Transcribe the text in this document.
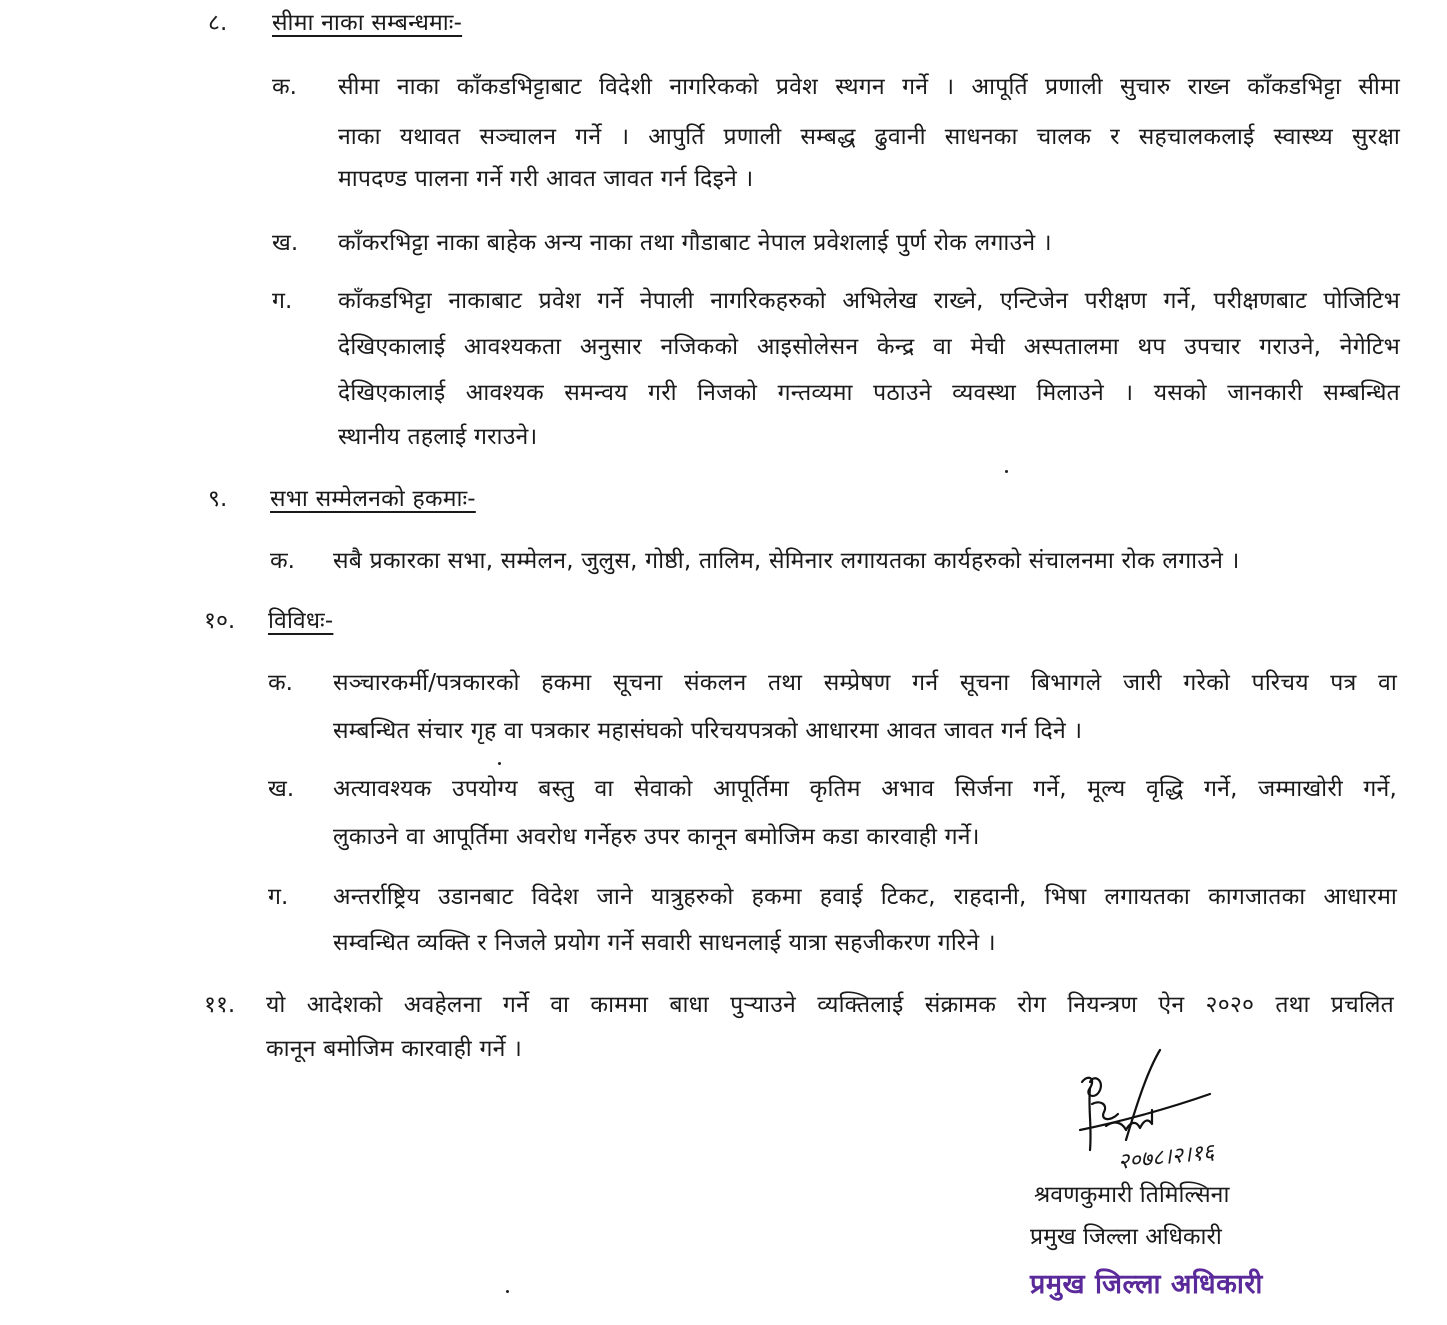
८. सीमा नाका सम्बन्धमाः-
क. सीमा नाका काँकडभिट्टाबाट विदेशी नागरिकको प्रवेश स्थगन गर्ने । आपूर्ति प्रणाली सुचारु राख्न काँकडभिट्टा सीमा
नाका यथावत सञ्चालन गर्ने । आपुर्ति प्रणाली सम्बद्ध ढुवानी साधनका चालक र सहचालकलाई स्वास्थ्य सुरक्षा
मापदण्ड पालना गर्ने गरी आवत जावत गर्न दिइने ।
ख. काँकरभिट्टा नाका बाहेक अन्य नाका तथा गौडाबाट नेपाल प्रवेशलाई पुर्ण रोक लगाउने ।
ग. काँकडभिट्टा नाकाबाट प्रवेश गर्ने नेपाली नागरिकहरुको अभिलेख राख्ने, एन्टिजेन परीक्षण गर्ने, परीक्षणबाट पोजिटिभ
देखिएकालाई आवश्यकता अनुसार नजिकको आइसोलेसन केन्द्र वा मेची अस्पतालमा थप उपचार गराउने, नेगेटिभ
देखिएकालाई आवश्यक समन्वय गरी निजको गन्तव्यमा पठाउने व्यवस्था मिलाउने । यसको जानकारी सम्बन्धित
स्थानीय तहलाई गराउने।
९. सभा सम्मेलनको हकमाः-
क. सबै प्रकारका सभा, सम्मेलन, जुलुस, गोष्ठी, तालिम, सेमिनार लगायतका कार्यहरुको संचालनमा रोक लगाउने ।
१०. विविधः-
क. सञ्चारकर्मी/पत्रकारको हकमा सूचना संकलन तथा सम्प्रेषण गर्न सूचना बिभागले जारी गरेको परिचय पत्र वा
सम्बन्धित संचार गृह वा पत्रकार महासंघको परिचयपत्रको आधारमा आवत जावत गर्न दिने ।
ख. अत्यावश्यक उपयोग्य बस्तु वा सेवाको आपूर्तिमा कृतिम अभाव सिर्जना गर्ने, मूल्य वृद्धि गर्ने, जम्माखोरी गर्ने,
लुकाउने वा आपूर्तिमा अवरोध गर्नेहरु उपर कानून बमोजिम कडा कारवाही गर्ने।
ग. अन्तर्राष्ट्रिय उडानबाट विदेश जाने यात्रुहरुको हकमा हवाई टिकट, राहदानी, भिषा लगायतका कागजातका आधारमा
सम्वन्धित व्यक्ति र निजले प्रयोग गर्ने सवारी साधनलाई यात्रा सहजीकरण गरिने ।
११. यो आदेशको अवहेलना गर्ने वा काममा बाधा पुऱ्याउने व्यक्तिलाई संक्रामक रोग नियन्त्रण ऐन २०२० तथा प्रचलित
कानून बमोजिम कारवाही गर्ने ।
२०७८।२।१६
श्रवणकुमारी तिमिल्सिना
प्रमुख जिल्ला अधिकारी
प्रमुख जिल्ला अधिकारी
